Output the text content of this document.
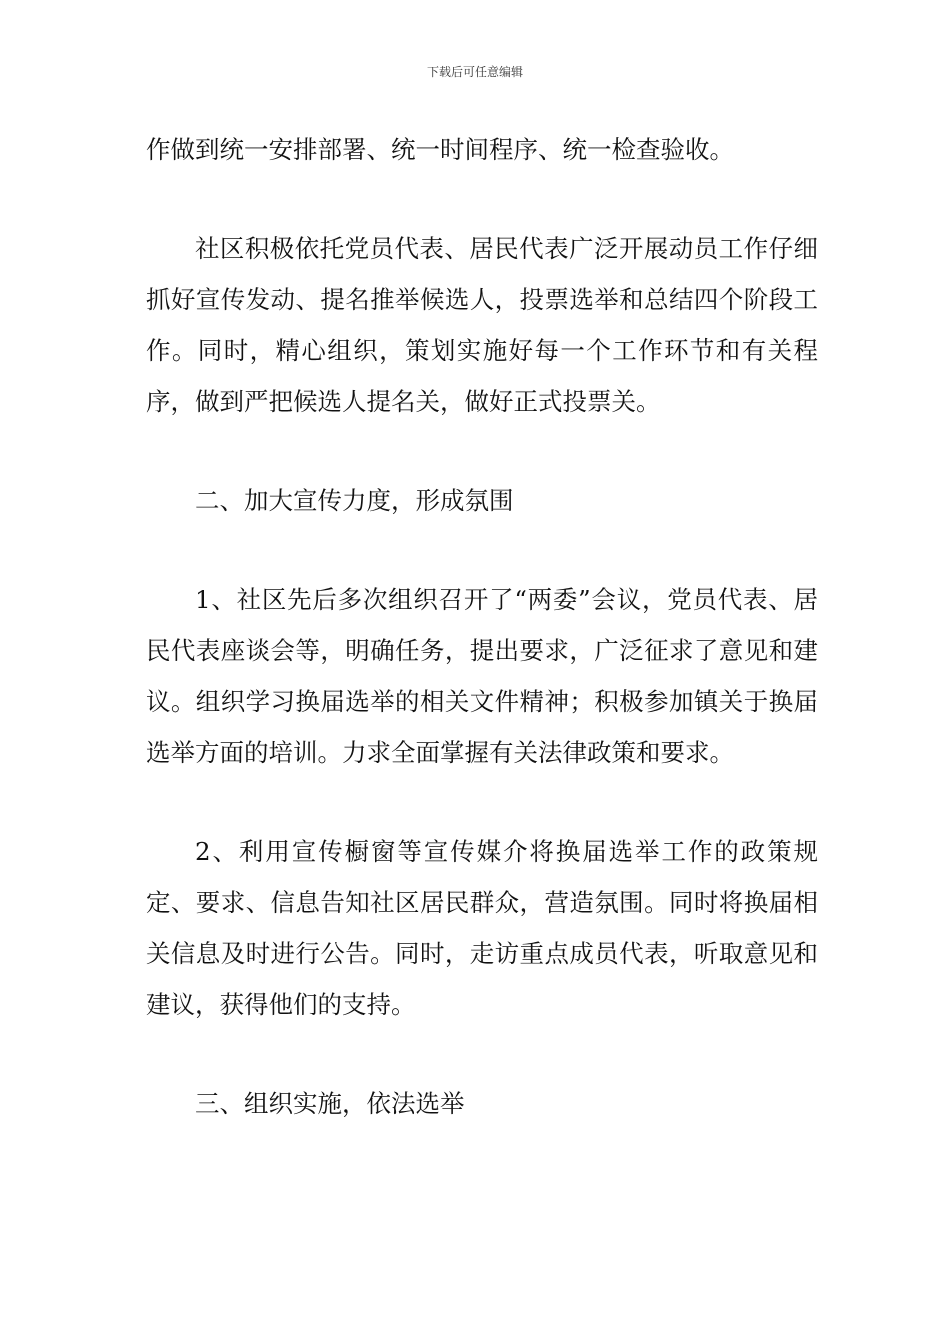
下载后可任意编辑

作做到统一安排部署、统一时间程序、统一检查验收。

社区积极依托党员代表、居民代表广泛开展动员工作仔细抓好宣传发动、提名推举候选人，投票选举和总结四个阶段工作。同时，精心组织，策划实施好每一个工作环节和有关程序，做到严把候选人提名关，做好正式投票关。

二、加大宣传力度，形成氛围

1、社区先后多次组织召开了“两委”会议，党员代表、居民代表座谈会等，明确任务，提出要求，广泛征求了意见和建议。组织学习换届选举的相关文件精神；积极参加镇关于换届选举方面的培训。力求全面掌握有关法律政策和要求。

2、利用宣传橱窗等宣传媒介将换届选举工作的政策规定、要求、信息告知社区居民群众，营造氛围。同时将换届相关信息及时进行公告。同时，走访重点成员代表，听取意见和建议，获得他们的支持。

三、组织实施，依法选举
